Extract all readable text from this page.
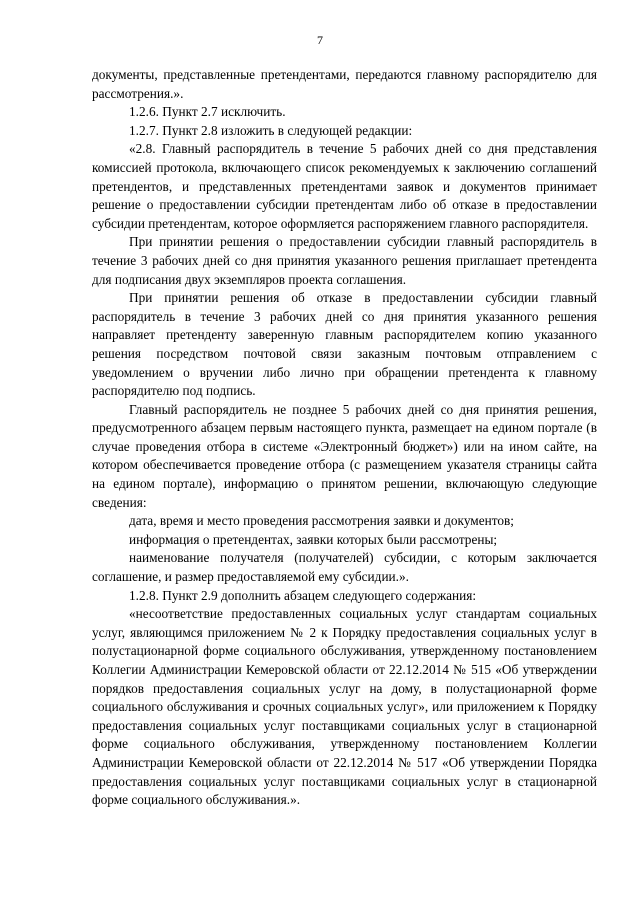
7

документы, представленные претендентами, передаются главному распорядителю для рассмотрения.».

1.2.6. Пункт 2.7 исключить.

1.2.7. Пункт 2.8 изложить в следующей редакции:

«2.8. Главный распорядитель в течение 5 рабочих дней со дня представления комиссией протокола, включающего список рекомендуемых к заключению соглашений претендентов, и представленных претендентами заявок и документов принимает решение о предоставлении субсидии претендентам либо об отказе в предоставлении субсидии претендентам, которое оформляется распоряжением главного распорядителя.

При принятии решения о предоставлении субсидии главный распорядитель в течение 3 рабочих дней со дня принятия указанного решения приглашает претендента для подписания двух экземпляров проекта соглашения.

При принятии решения об отказе в предоставлении субсидии главный распорядитель в течение 3 рабочих дней со дня принятия указанного решения направляет претенденту заверенную главным распорядителем копию указанного решения посредством почтовой связи заказным почтовым отправлением с уведомлением о вручении либо лично при обращении претендента к главному распорядителю под подпись.

Главный распорядитель не позднее 5 рабочих дней со дня принятия решения, предусмотренного абзацем первым настоящего пункта, размещает на едином портале (в случае проведения отбора в системе «Электронный бюджет») или на ином сайте, на котором обеспечивается проведение отбора (с размещением указателя страницы сайта на едином портале), информацию о принятом решении, включающую следующие сведения:

дата, время и место проведения рассмотрения заявки и документов;

информация о претендентах, заявки которых были рассмотрены;

наименование получателя (получателей) субсидии, с которым заключается соглашение, и размер предоставляемой ему субсидии.».

1.2.8. Пункт 2.9 дополнить абзацем следующего содержания:

«несоответствие предоставленных социальных услуг стандартам социальных услуг, являющимся приложением № 2 к Порядку предоставления социальных услуг в полустационарной форме социального обслуживания, утвержденному постановлением Коллегии Администрации Кемеровской области от 22.12.2014 № 515 «Об утверждении порядков предоставления социальных услуг на дому, в полустационарной форме социального обслуживания и срочных социальных услуг», или приложением к Порядку предоставления социальных услуг поставщиками социальных услуг в стационарной форме социального обслуживания, утвержденному постановлением Коллегии Администрации Кемеровской области от 22.12.2014 № 517 «Об утверждении Порядка предоставления социальных услуг поставщиками социальных услуг в стационарной форме социального обслуживания.».
